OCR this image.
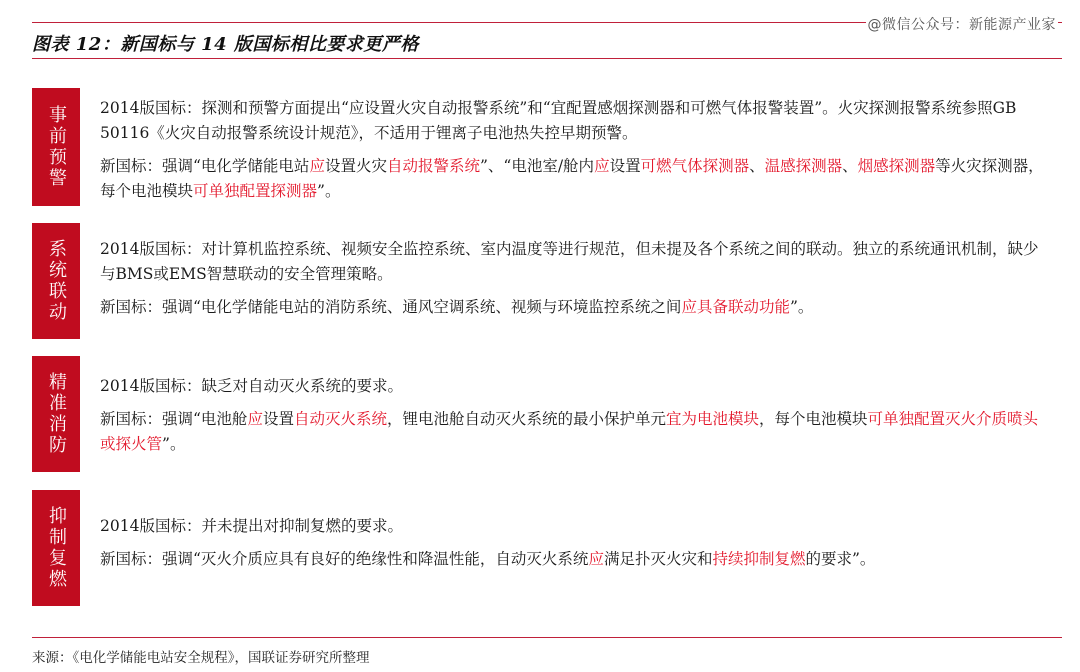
@微信公众号：新能源产业家
图表 12：新国标与 14 版国标相比要求更严格
事前预警 2014版国标：探测和预警方面提出“应设置火灾自动报警系统”和“宜配置感烟探测器和可燃气体报警装置”。火灾探测报警系统参照GB 50116《火灾自动报警系统设计规范》，不适用于锂离子电池热失控早期预警。

新国标：强调“电化学储能电站应设置火灾自动报警系统”、“电池室/舱内应设置可燃气体探测器、温感探测器、烟感探测器等火灾探测器，每个电池模块可单独配置探测器”。

系统联动 2014版国标：对计算机监控系统、视频安全监控系统、室内温度等进行规范，但未提及各个系统之间的联动。独立的系统通讯机制，缺少与BMS或EMS智慧联动的安全管理策略。

新国标：强调“电化学储能电站的消防系统、通风空调系统、视频与环境监控系统之间应具备联动功能”。

精准消防 2014版国标：缺乏对自动灭火系统的要求。

新国标：强调“电池舱应设置自动灭火系统，锂电池舱自动灭火系统的最小保护单元宜为电池模块，每个电池模块可单独配置灭火介质喷头或探火管”。

抑制复燃 2014版国标：并未提出对抑制复燃的要求。

新国标：强调“灭火介质应具有良好的绝缘性和降温性能，自动灭火系统应满足扑灭火灾和持续抑制复燃的要求”。

来源：《电化学储能电站安全规程》，国联证券研究所整理
